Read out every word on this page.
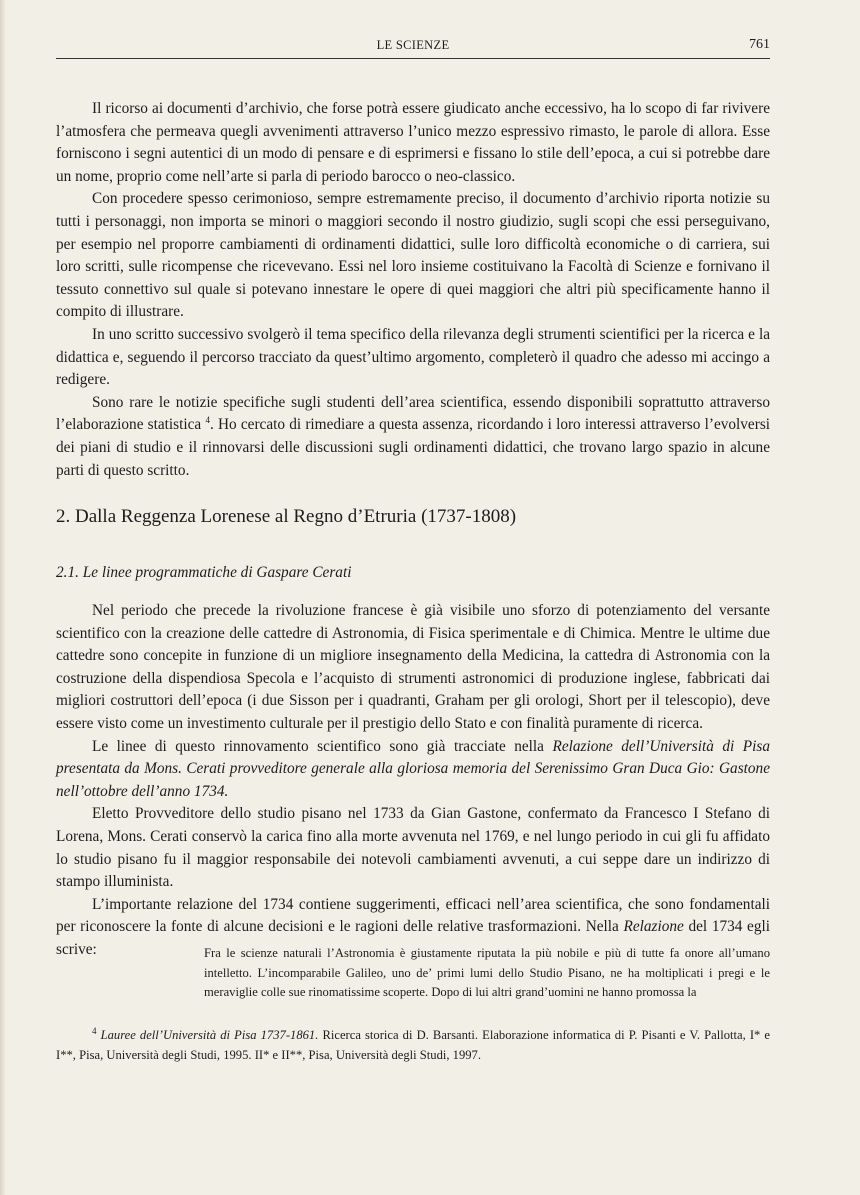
LE SCIENZE	761

Il ricorso ai documenti d’archivio, che forse potrà essere giudicato anche eccessivo, ha lo scopo di far rivivere l’atmosfera che permeava quegli avvenimenti attraverso l’unico mezzo espressivo rimasto, le parole di allora. Esse forniscono i segni autentici di un modo di pensare e di esprimersi e fissano lo stile dell’epoca, a cui si potrebbe dare un nome, proprio come nell’arte si parla di periodo barocco o neo-classico.

Con procedere spesso cerimonioso, sempre estremamente preciso, il documento d’archivio riporta notizie su tutti i personaggi, non importa se minori o maggiori secondo il nostro giudizio, sugli scopi che essi perseguivano, per esempio nel proporre cambiamenti di ordinamenti didattici, sulle loro difficoltà economiche o di carriera, sui loro scritti, sulle ricompense che ricevevano. Essi nel loro insieme costituivano la Facoltà di Scienze e fornivano il tessuto connettivo sul quale si potevano innestare le opere di quei maggiori che altri più specificamente hanno il compito di illustrare.

In uno scritto successivo svolgerò il tema specifico della rilevanza degli strumenti scientifici per la ricerca e la didattica e, seguendo il percorso tracciato da quest’ultimo argomento, completerò il quadro che adesso mi accingo a redigere.

Sono rare le notizie specifiche sugli studenti dell’area scientifica, essendo disponibili soprattutto attraverso l’elaborazione statistica $^4$. Ho cercato di rimediare a questa assenza, ricordando i loro interessi attraverso l’evolversi dei piani di studio e il rinnovarsi delle discussioni sugli ordinamenti didattici, che trovano largo spazio in alcune parti di questo scritto.

2. Dalla Reggenza Lorenese al Regno d’Etruria (1737-1808)
2.1. Le linee programmatiche di Gaspare Cerati

Nel periodo che precede la rivoluzione francese è già visibile uno sforzo di potenziamento del versante scientifico con la creazione delle cattedre di Astronomia, di Fisica sperimentale e di Chimica. Mentre le ultime due cattedre sono concepite in funzione di un migliore insegnamento della Medicina, la cattedra di Astronomia con la costruzione della dispendiosa Specola e l’acquisto di strumenti astronomici di produzione inglese, fabbricati dai migliori costruttori dell’epoca (i due Sisson per i quadranti, Graham per gli orologi, Short per il telescopio), deve essere visto come un investimento culturale per il prestigio dello Stato e con finalità puramente di ricerca.

Le linee di questo rinnovamento scientifico sono già tracciate nella Relazione dell’Università di Pisa presentata da Mons. Cerati provveditore generale alla gloriosa memoria del Serenissimo Gran Duca Gio: Gastone nell’ottobre dell’anno 1734.

Eletto Provveditore dello studio pisano nel 1733 da Gian Gastone, confermato da Francesco I Stefano di Lorena, Mons. Cerati conservò la carica fino alla morte avvenuta nel 1769, e nel lungo periodo in cui gli fu affidato lo studio pisano fu il maggior responsabile dei notevoli cambiamenti avvenuti, a cui seppe dare un indirizzo di stampo illuminista.

L’importante relazione del 1734 contiene suggerimenti, efficaci nell’area scientifica, che sono fondamentali per riconoscere la fonte di alcune decisioni e le ragioni delle relative trasformazioni. Nella Relazione del 1734 egli scrive:	Fra le scienze naturali l’Astronomia è giustamente riputata la più nobile e più di tutte fa onore all’umano intelletto. L’incomparabile Galileo, uno de’ primi lumi dello Studio Pisano, ne ha moltiplicati i pregi e le meraviglie colle sue rinomatissime scoperte. Dopo di lui altri grand’uomini ne hanno promossa la

$^4$ Lauree dell’Università di Pisa 1737-1861. Ricerca storica di D. Barsanti. Elaborazione informatica di P. Pisanti e V. Pallotta, I* e I**, Pisa, Università degli Studi, 1995. II* e II**, Pisa, Università degli Studi, 1997.
